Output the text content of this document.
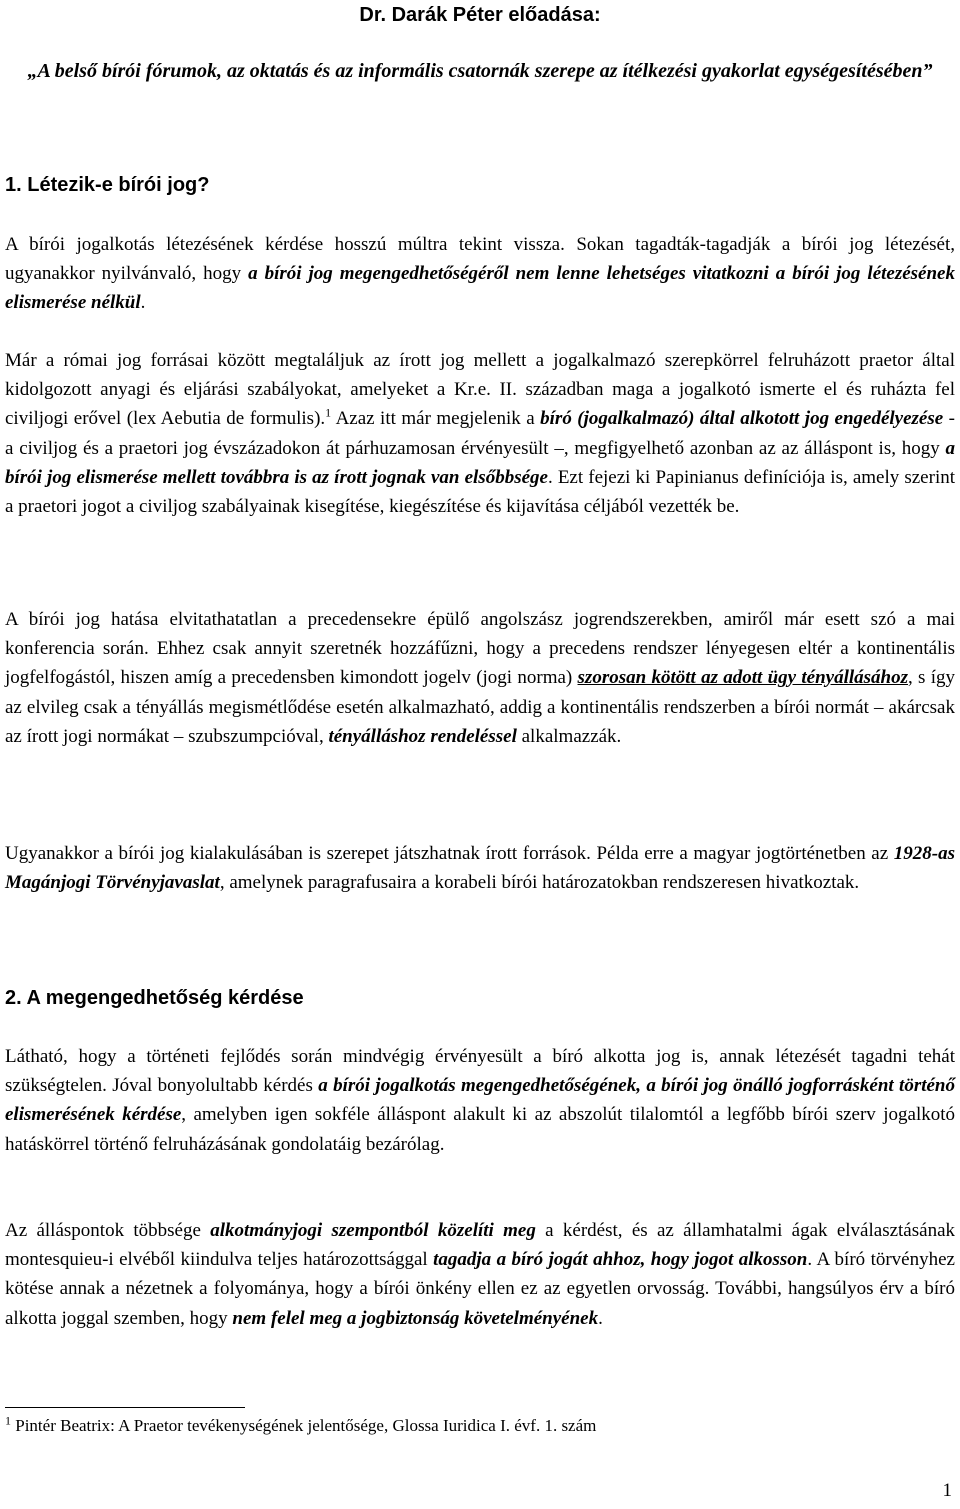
Dr. Darák Péter előadása:
„A belső bírói fórumok, az oktatás és az informális csatornák szerepe az ítélkezési gyakorlat egységesítésében”
1. Létezik-e bírói jog?

A bírói jogalkotás létezésének kérdése hosszú múltra tekint vissza. Sokan tagadták-tagadják a bírói jog létezését, ugyanakkor nyilvánvaló, hogy a bírói jog megengedhetőségéről nem lenne lehetséges vitatkozni a bírói jog létezésének elismerése nélkül.

Már a római jog forrásai között megtaláljuk az írott jog mellett a jogalkalmazó szerepkörrel felruházott praetor által kidolgozott anyagi és eljárási szabályokat, amelyeket a Kr.e. II. században maga a jogalkotó ismerte el és ruházta fel civiljogi erővel (lex Aebutia de formulis).$^1$ Azaz itt már megjelenik a bíró (jogalkalmazó) által alkotott jog engedélyezése - a civiljog és a praetori jog évszázadokon át párhuzamosan érvényesült –, megfigyelhető azonban az az álláspont is, hogy a bírói jog elismerése mellett továbbra is az írott jognak van elsőbbsége. Ezt fejezi ki Papinianus definíciója is, amely szerint a praetori jogot a civiljog szabályainak kisegítése, kiegészítése és kijavítása céljából vezették be.

A bírói jog hatása elvitathatatlan a precedensekre épülő angolszász jogrendszerekben, amiről már esett szó a mai konferencia során. Ehhez csak annyit szeretnék hozzáfűzni, hogy a precedens rendszer lényegesen eltér a kontinentális jogfelfogástól, hiszen amíg a precedensben kimondott jogelv (jogi norma) szorosan kötött az adott ügy tényállásához, s így az elvileg csak a tényállás megismétlődése esetén alkalmazható, addig a kontinentális rendszerben a bírói normát – akárcsak az írott jogi normákat – szubszumpcióval, tényálláshoz rendeléssel alkalmazzák.

Ugyanakkor a bírói jog kialakulásában is szerepet játszhatnak írott források. Példa erre a magyar jogtörténetben az 1928-as Magánjogi Törvényjavaslat, amelynek paragrafusaira a korabeli bírói határozatokban rendszeresen hivatkoztak.

2. A megengedhetőség kérdése

Látható, hogy a történeti fejlődés során mindvégig érvényesült a bíró alkotta jog is, annak létezését tagadni tehát szükségtelen. Jóval bonyolultabb kérdés a bírói jogalkotás megengedhetőségének, a bírói jog önálló jogforrásként történő elismerésének kérdése, amelyben igen sokféle álláspont alakult ki az abszolút tilalomtól a legfőbb bírói szerv jogalkotó hatáskörrel történő felruházásának gondolatáig bezárólag.

Az álláspontok többsége alkotmányjogi szempontból közelíti meg a kérdést, és az államhatalmi ágak elválasztásának montesquieu-i elvéből kiindulva teljes határozottsággal tagadja a bíró jogát ahhoz, hogy jogot alkosson. A bíró törvényhez kötése annak a nézetnek a folyománya, hogy a bírói önkény ellen ez az egyetlen orvosság. További, hangsúlyos érv a bíró alkotta joggal szemben, hogy nem felel meg a jogbiztonság követelményének.

$^1$ Pintér Beatrix: A Praetor tevékenységének jelentősége, Glossa Iuridica I. évf. 1. szám
1
